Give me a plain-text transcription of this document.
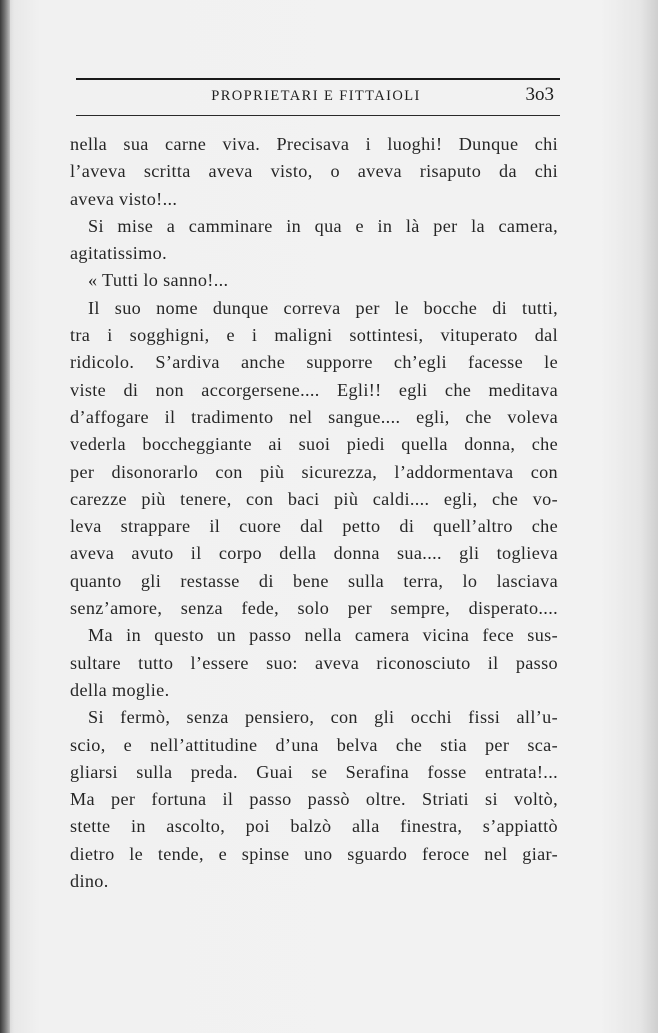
PROPRIETARI E FITTAIOLI	3o3
nella sua carne viva. Precisava i luoghi! Dunque chi
l’aveva scritta aveva visto, o aveva risaputo da chi
aveva visto!...
Si mise a camminare in qua e in là per la camera,
agitatissimo.
« Tutti lo sanno!...
Il suo nome dunque correva per le bocche di tutti,
tra i sogghigni, e i maligni sottintesi, vituperato dal
ridicolo. S’ardiva anche supporre ch’egli facesse le
viste di non accorgersene.... Egli!! egli che meditava
d’affogare il tradimento nel sangue.... egli, che voleva
vederla boccheggiante ai suoi piedi quella donna, che
per disonorarlo con più sicurezza, l’addormentava con
carezze più tenere, con baci più caldi.... egli, che vo-
leva strappare il cuore dal petto di quell’altro che
aveva avuto il corpo della donna sua.... gli toglieva
quanto gli restasse di bene sulla terra, lo lasciava
senz’amore, senza fede, solo per sempre, disperato....
Ma in questo un passo nella camera vicina fece sus-
sultare tutto l’essere suo: aveva riconosciuto il passo
della moglie.
Si fermò, senza pensiero, con gli occhi fissi all’u-
scio, e nell’attitudine d’una belva che stia per sca-
gliarsi sulla preda. Guai se Serafina fosse entrata!...
Ma per fortuna il passo passò oltre. Striati si voltò,
stette in ascolto, poi balzò alla finestra, s’appiattò
dietro le tende, e spinse uno sguardo feroce nel giar-
dino.
